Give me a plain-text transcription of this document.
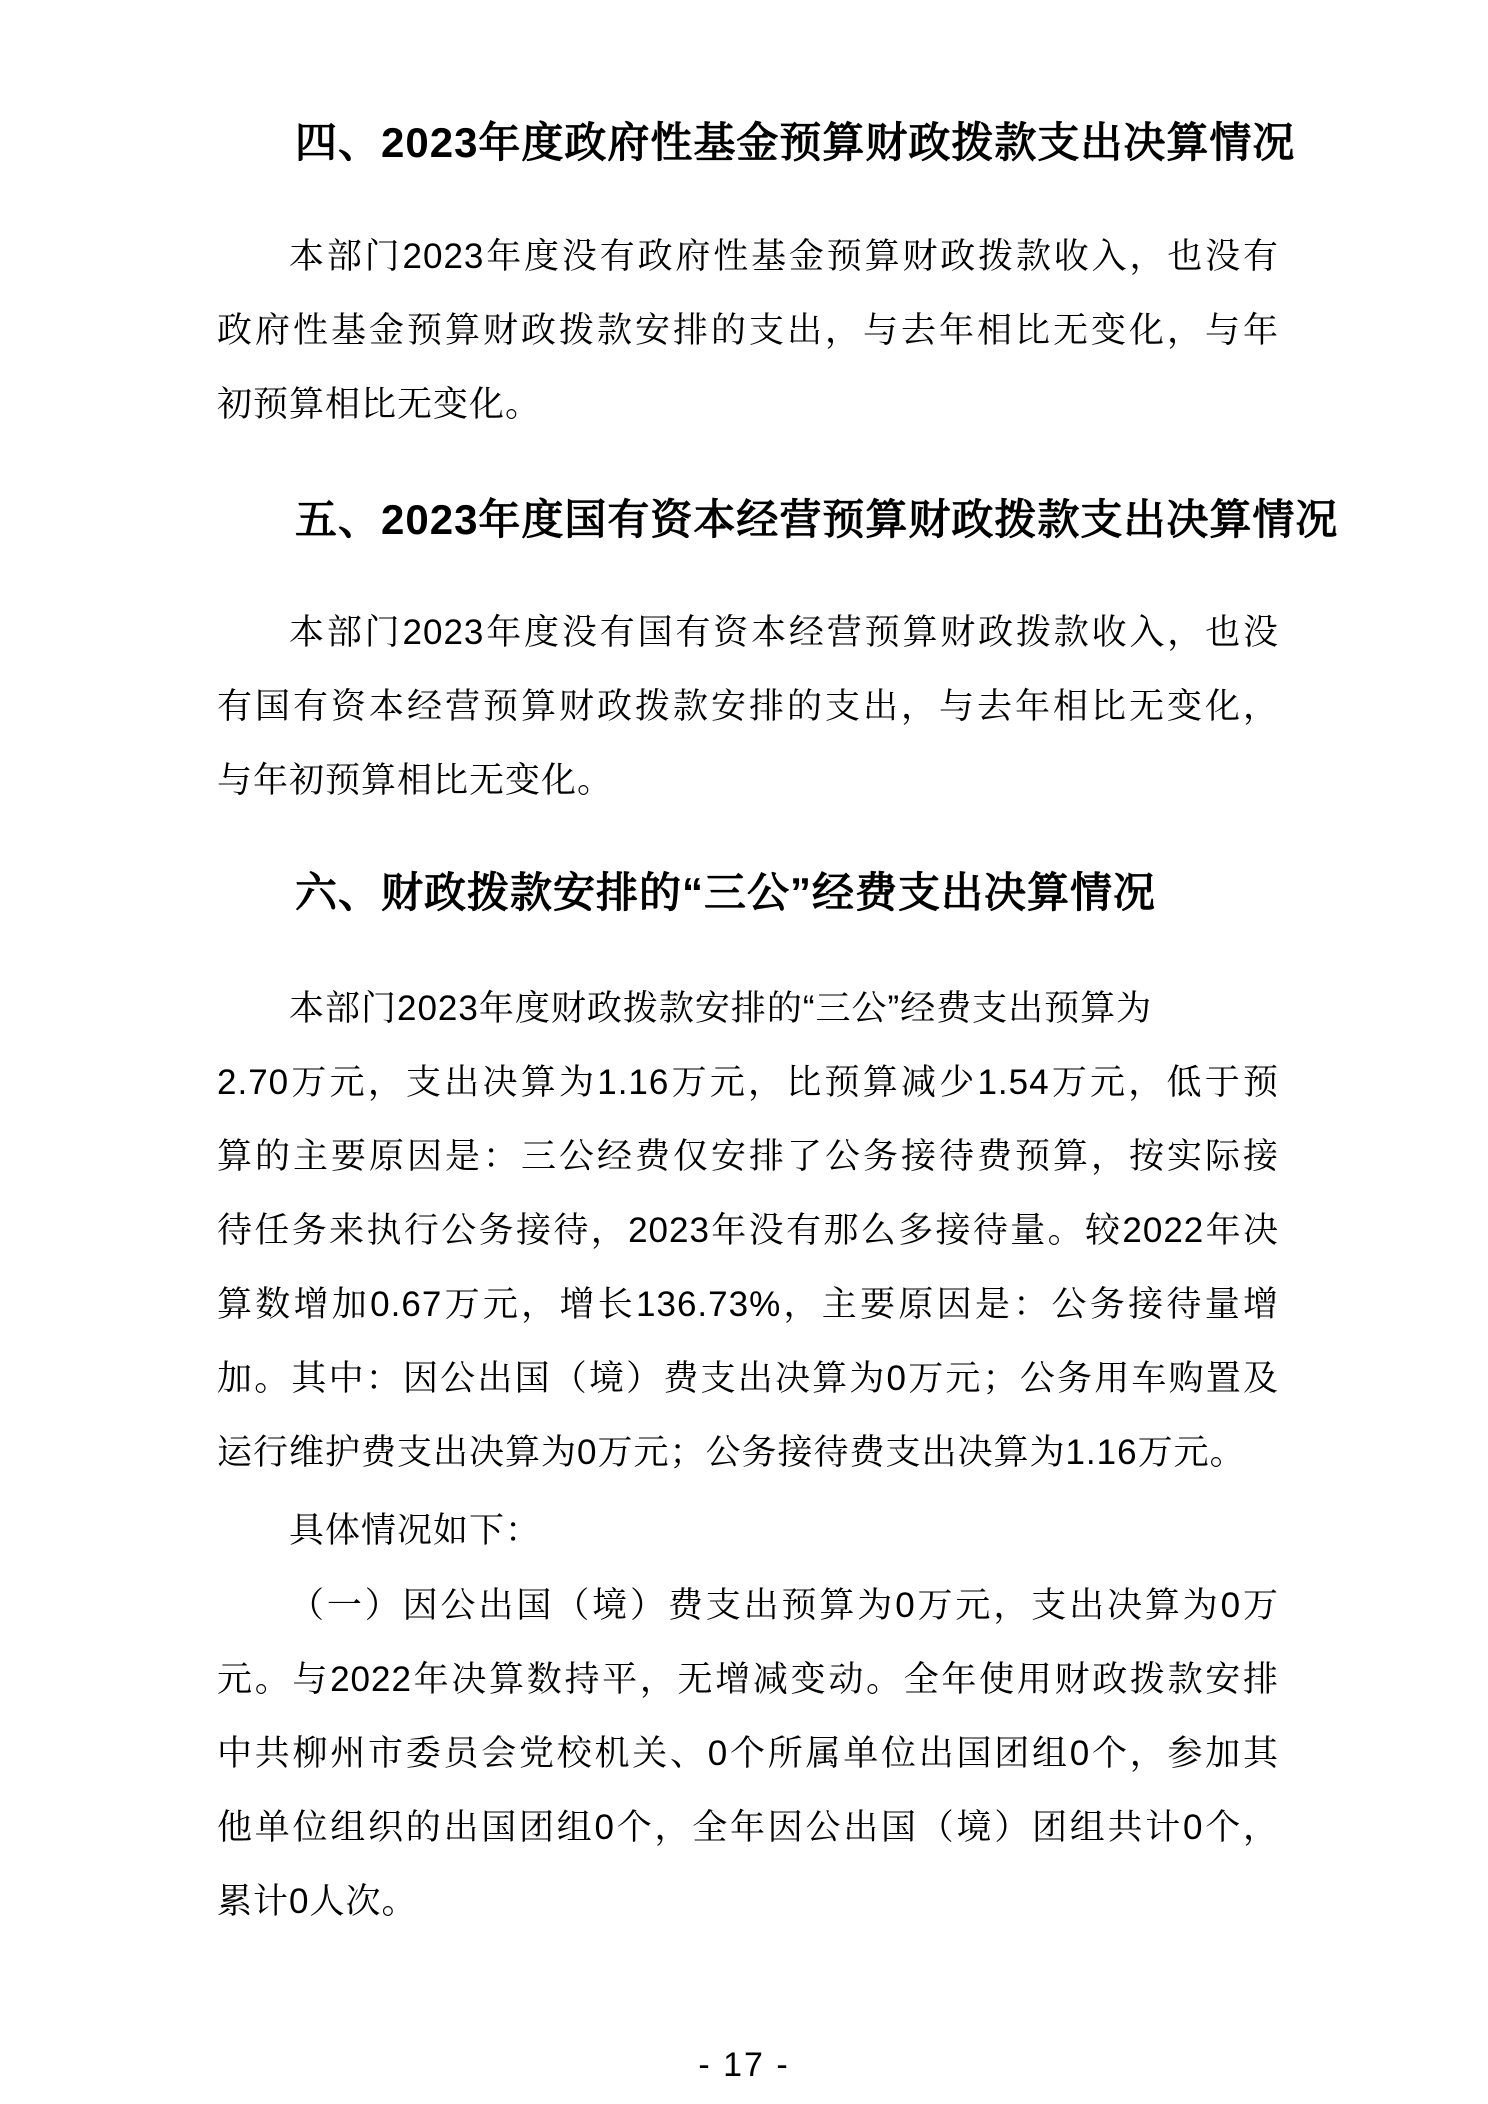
四、2023年度政府性基金预算财政拨款支出决算情况
本部门2023年度没有政府性基金预算财政拨款收入，也没有
政府性基金预算财政拨款安排的支出，与去年相比无变化，与年
初预算相比无变化。
五、2023年度国有资本经营预算财政拨款支出决算情况
本部门2023年度没有国有资本经营预算财政拨款收入，也没
有国有资本经营预算财政拨款安排的支出，与去年相比无变化，
与年初预算相比无变化。
六、财政拨款安排的“三公”经费支出决算情况
本部门2023年度财政拨款安排的“三公”经费支出预算为
2.70万元，支出决算为1.16万元，比预算减少1.54万元，低于预
算的主要原因是：三公经费仅安排了公务接待费预算，按实际接
待任务来执行公务接待，2023年没有那么多接待量。较2022年决
算数增加0.67万元，增长136.73%，主要原因是：公务接待量增
加。其中：因公出国（境）费支出决算为0万元；公务用车购置及
运行维护费支出决算为0万元；公务接待费支出决算为1.16万元。
具体情况如下：
（一）因公出国（境）费支出预算为0万元，支出决算为0万
元。与2022年决算数持平，无增减变动。全年使用财政拨款安排
中共柳州市委员会党校机关、0个所属单位出国团组0个，参加其
他单位组织的出国团组0个，全年因公出国（境）团组共计0个，
累计0人次。
- 17 -
